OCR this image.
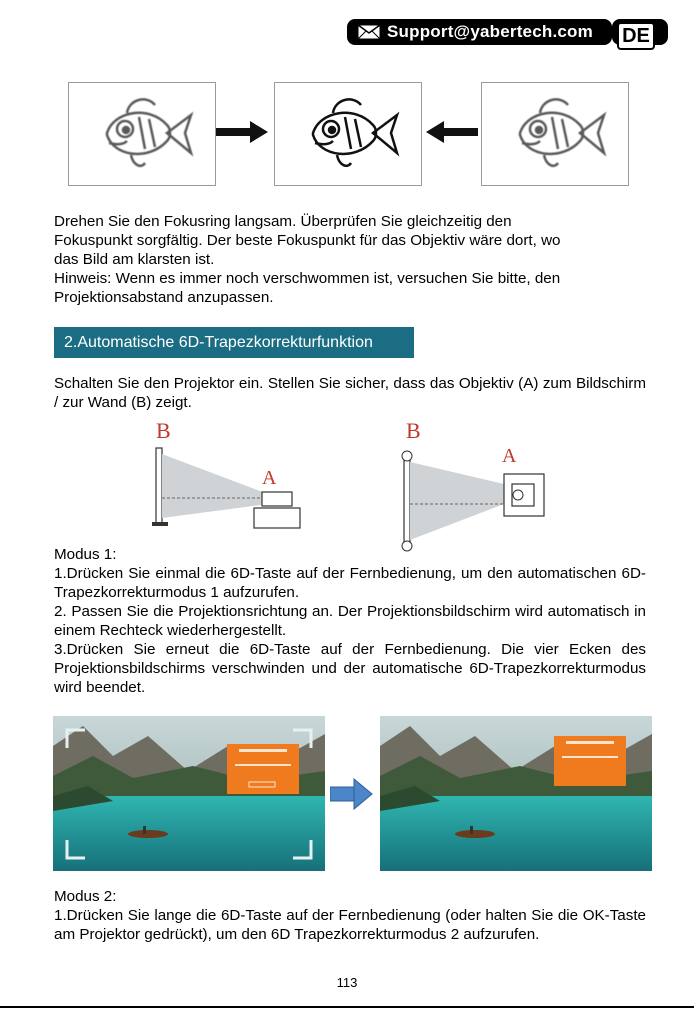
Support@yabertech.com DE

Drehen Sie den Fokusring langsam. Überprüfen Sie gleichzeitig den

Fokuspunkt sorgfältig. Der beste Fokuspunkt für das Objektiv wäre dort, wo

das Bild am klarsten ist.

Hinweis: Wenn es immer noch verschwommen ist, versuchen Sie bitte, den

Projektionsabstand anzupassen.

2.Automatische 6D-Trapezkorrekturfunktion
Schalten Sie den Projektor ein. Stellen Sie sicher, dass das Objektiv (A) zum Bildschirm / zur Wand (B) zeigt.
B
A
B
A
Modus 1:
1.Drücken Sie einmal die 6D-Taste auf der Fernbedienung, um den automatischen 6D-Trapezkorrekturmodus 1 aufzurufen.
2. Passen Sie die Projektionsrichtung an. Der Projektionsbildschirm wird automatisch in einem Rechteck wiederhergestellt.
3.Drücken Sie erneut die 6D-Taste auf der Fernbedienung. Die vier Ecken des Projektionsbildschirms verschwinden und der automatische 6D-Trapezkorrekturmodus wird beendet.
Modus 2:
1.Drücken Sie lange die 6D-Taste auf der Fernbedienung (oder halten Sie die OK-Taste am Projektor gedrückt), um den 6D Trapezkorrekturmodus 2 aufzurufen.
113
